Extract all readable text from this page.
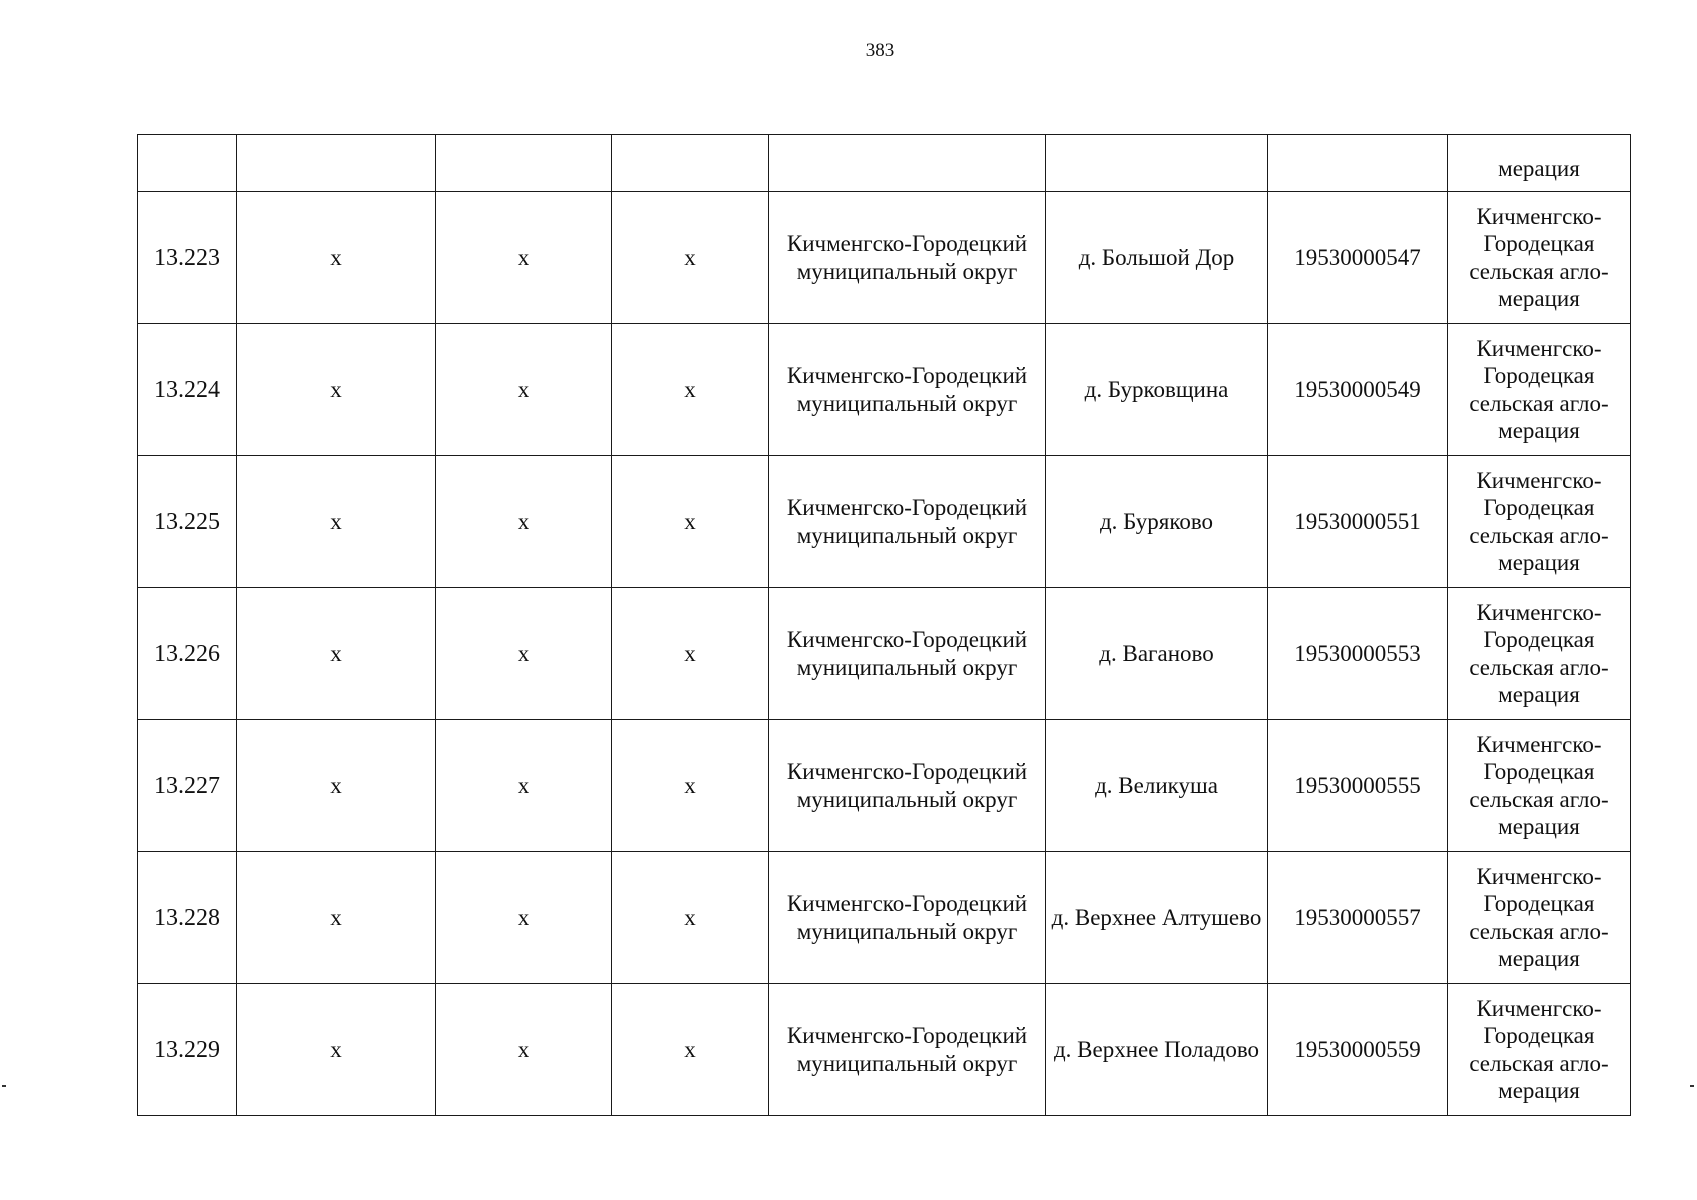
383
							мерация
13.223	х	х	х	Кичменгско-Городецкий муниципальный округ	д. Большой Дор	19530000547	Кичменгско-Городецкая сельская агло-мерация
13.224	х	х	х	Кичменгско-Городецкий муниципальный округ	д. Бурковщина	19530000549	Кичменгско-Городецкая сельская агло-мерация
13.225	х	х	х	Кичменгско-Городецкий муниципальный округ	д. Буряково	19530000551	Кичменгско-Городецкая сельская агло-мерация
13.226	х	х	х	Кичменгско-Городецкий муниципальный округ	д. Ваганово	19530000553	Кичменгско-Городецкая сельская агло-мерация
13.227	х	х	х	Кичменгско-Городецкий муниципальный округ	д. Великуша	19530000555	Кичменгско-Городецкая сельская агло-мерация
13.228	х	х	х	Кичменгско-Городецкий муниципальный округ	д. Верхнее Алтушево	19530000557	Кичменгско-Городецкая сельская агло-мерация
13.229	х	х	х	Кичменгско-Городецкий муниципальный округ	д. Верхнее Поладово	19530000559	Кичменгско-Городецкая сельская агло-мерация
